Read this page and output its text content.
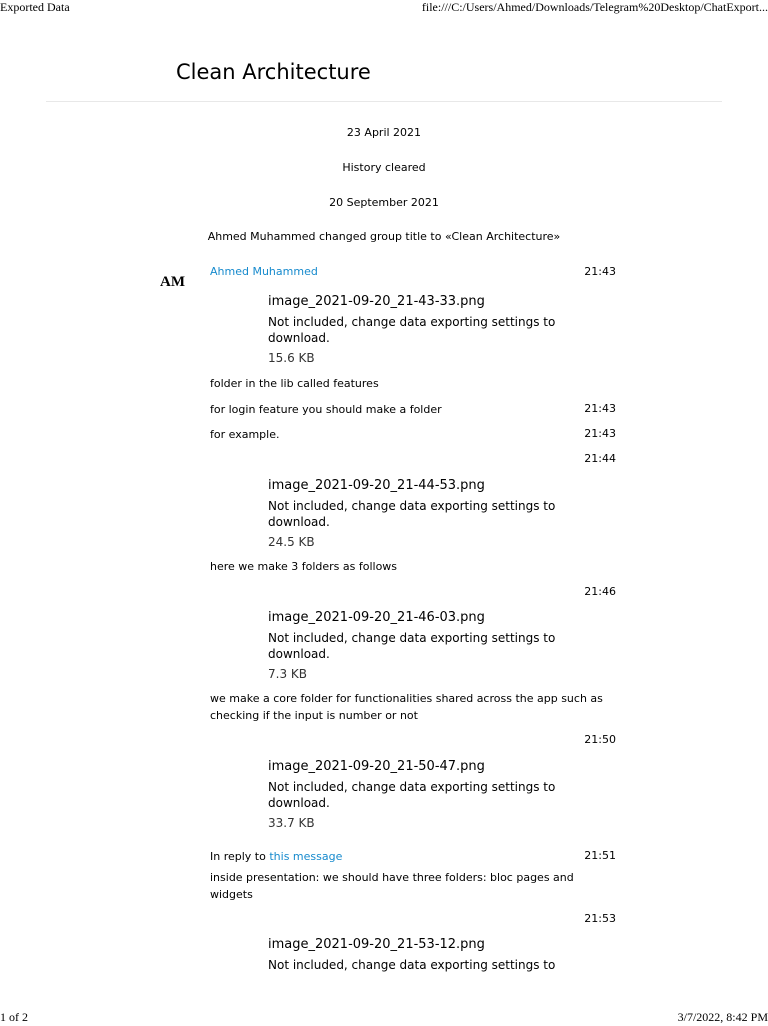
Exported Data	file:///C:/Users/Ahmed/Downloads/Telegram%20Desktop/ChatExport...
Clean Architecture
23 April 2021
History cleared
20 September 2021
Ahmed Muhammed changed group title to «Clean Architecture»
AM
Ahmed Muhammed	21:43
image_2021-09-20_21-43-33.png
Not included, change data exporting settings to download.
15.6 KB
folder in the lib called features
21:43
for login feature you should make a folder
21:43
for example.
21:44
image_2021-09-20_21-44-53.png
Not included, change data exporting settings to download.
24.5 KB
here we make 3 folders as follows
21:46
image_2021-09-20_21-46-03.png
Not included, change data exporting settings to download.
7.3 KB
we make a core folder for functionalities shared across the app such as checking if the input is number or not
21:50
image_2021-09-20_21-50-47.png
Not included, change data exporting settings to download.
33.7 KB
21:51
In reply to this message
inside presentation: we should have three folders: bloc pages and widgets
21:53
image_2021-09-20_21-53-12.png
Not included, change data exporting settings to
1 of 2	3/7/2022, 8:42 PM
